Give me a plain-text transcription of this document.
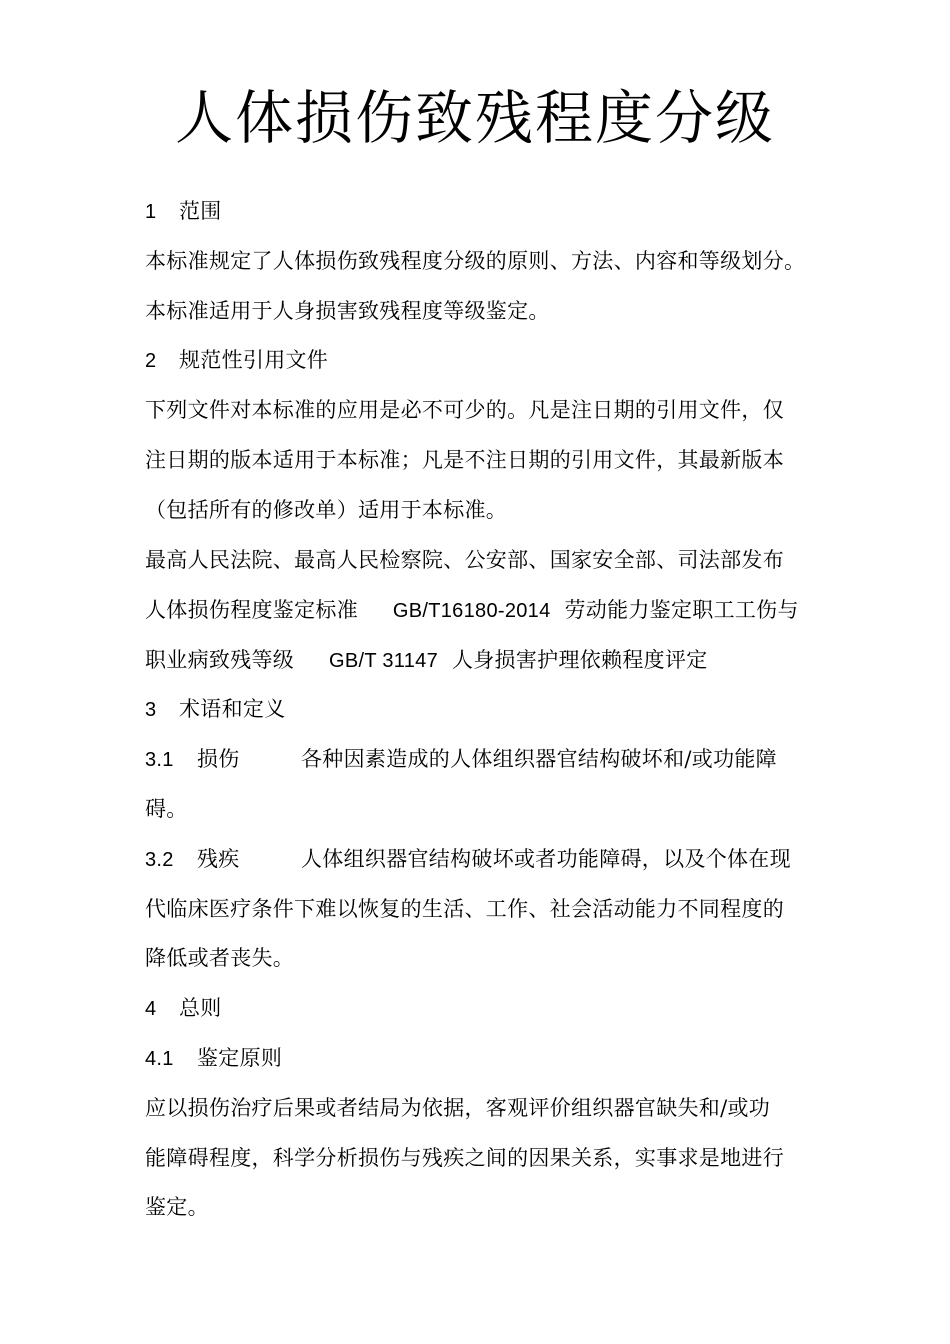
人体损伤致残程度分级
1 范围
本标准规定了人体损伤致残程度分级的原则、方法、内容和等级划分。
本标准适用于人身损害致残程度等级鉴定。
2 规范性引用文件
下列文件对本标准的应用是必不可少的。凡是注日期的引用文件，仅
注日期的版本适用于本标准；凡是不注日期的引用文件，其最新版本
（包括所有的修改单）适用于本标准。
最高人民法院、最高人民检察院、公安部、国家安全部、司法部发布
人体损伤程度鉴定标准 GB/T16180-2014 劳动能力鉴定职工工伤与
职业病致残等级 GB/T 31147 人身损害护理依赖程度评定
3 术语和定义
3.1 损伤	各种因素造成的人体组织器官结构破坏和/或功能障
碍。
3.2 残疾	人体组织器官结构破坏或者功能障碍，以及个体在现
代临床医疗条件下难以恢复的生活、工作、社会活动能力不同程度的
降低或者丧失。
4 总则
4.1 鉴定原则
应以损伤治疗后果或者结局为依据，客观评价组织器官缺失和/或功
能障碍程度，科学分析损伤与残疾之间的因果关系，实事求是地进行
鉴定。
